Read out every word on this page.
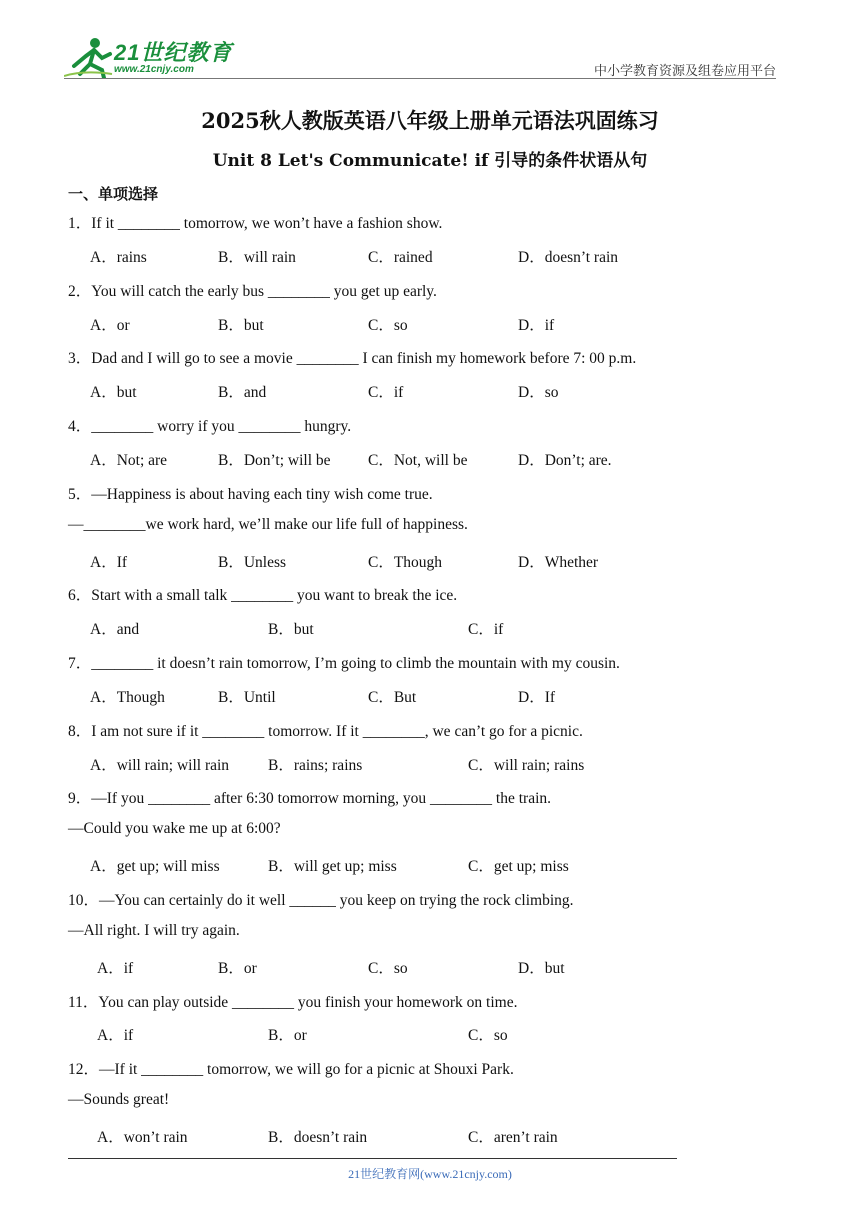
21世纪教育
www.21cnjy.com	中小学教育资源及组卷应用平台
2025秋人教版英语八年级上册单元语法巩固练习
Unit 8 Let's Communicate! if 引导的条件状语从句
一、单项选择
1．If it ________ tomorrow, we won’t have a fashion show.
A．rains	B．will rain	C．rained	D．doesn’t rain
2．You will catch the early bus ________ you get up early.
A．or	B．but	C．so	D．if
3．Dad and I will go to see a movie ________ I can finish my homework before 7: 00 p.m.
A．but	B．and	C．if	D．so
4．________ worry if you ________ hungry.
A．Not; are	B．Don’t; will be C．Not, will be	D．Don’t; are.
5．—Happiness is about having each tiny wish come true.
—________we work hard, we’ll make our life full of happiness.
A．If	B．Unless	C．Though	D．Whether
6．Start with a small talk ________ you want to break the ice.
A．and	B．but	C．if
7．________ it doesn’t rain tomorrow, I’m going to climb the mountain with my cousin.
A．Though	B．Until	C．But	D．If
8．I am not sure if it ________ tomorrow. If it ________, we can’t go for a picnic.
A．will rain; will rain	B．rains; rains	C．will rain; rains
9．—If you ________ after 6:30 tomorrow morning, you ________ the train.
—Could you wake me up at 6:00?
A．get up; will miss	B．will get up; miss	C．get up; miss
10．—You can certainly do it well ______ you keep on trying the rock climbing.
—All right. I will try again.
A．if	B．or	C．so	D．but
11．You can play outside ________ you finish your homework on time.
A．if	B．or	C．so
12．—If it ________ tomorrow, we will go for a picnic at Shouxi Park.
—Sounds great!
A．won’t rain	B．doesn’t rain	C．aren’t rain
21世纪教育网(www.21cnjy.com)
